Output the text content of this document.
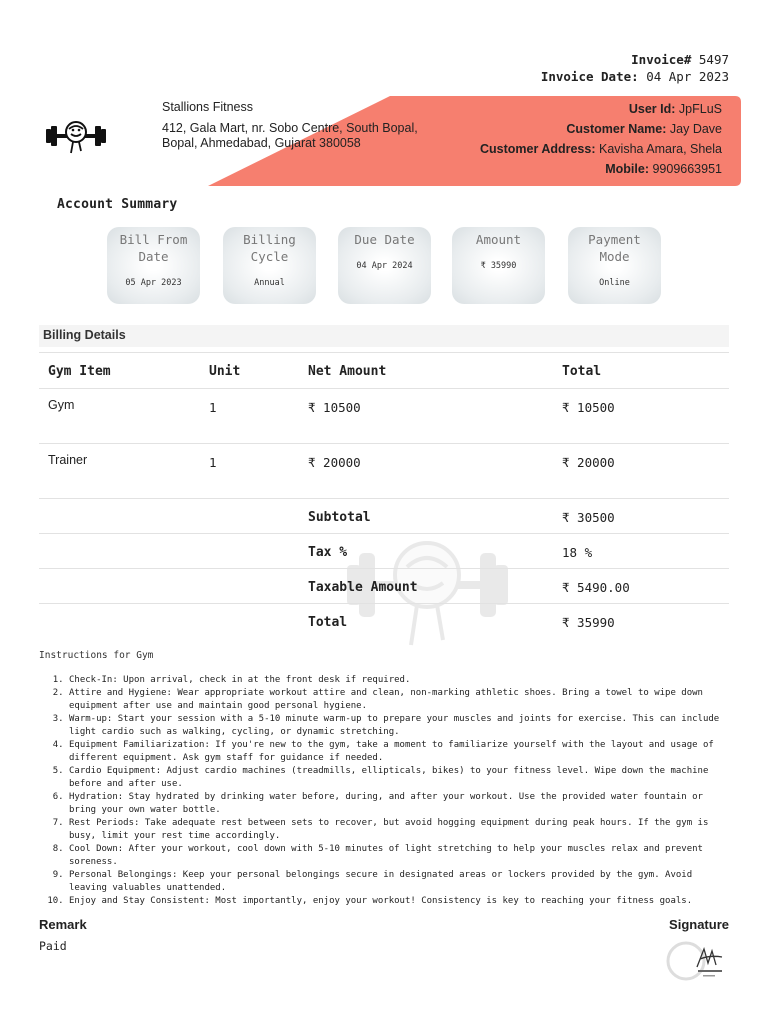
Invoice# 5497
Invoice Date: 04 Apr 2023
Stallions Fitness
412, Gala Mart, nr. Sobo Centre, South Bopal,
Bopal, Ahmedabad, Gujarat 380058
User Id: JpFLuS
Customer Name: Jay Dave
Customer Address: Kavisha Amara, Shela
Mobile: 9909663951
Account Summary
Bill From
Date
05 Apr 2023
Billing
Cycle
Annual
Due Date
04 Apr 2024
Amount
₹ 35990
Payment
Mode
Online
Billing Details
Gym Item	Unit	Net Amount	Total
Gym	1	₹ 10500	₹ 10500
Trainer	1	₹ 20000	₹ 20000
Subtotal	₹ 30500
Tax %	18 %
Taxable Amount	₹ 5490.00
Total	₹ 35990
Instructions for Gym
1. Check-In: Upon arrival, check in at the front desk if required.
2. Attire and Hygiene: Wear appropriate workout attire and clean, non-marking athletic shoes. Bring a towel to wipe down equipment after use and maintain good personal hygiene.
3. Warm-up: Start your session with a 5-10 minute warm-up to prepare your muscles and joints for exercise. This can include light cardio such as walking, cycling, or dynamic stretching.
4. Equipment Familiarization: If you're new to the gym, take a moment to familiarize yourself with the layout and usage of different equipment. Ask gym staff for guidance if needed.
5. Cardio Equipment: Adjust cardio machines (treadmills, ellipticals, bikes) to your fitness level. Wipe down the machine before and after use.
6. Hydration: Stay hydrated by drinking water before, during, and after your workout. Use the provided water fountain or bring your own water bottle.
7. Rest Periods: Take adequate rest between sets to recover, but avoid hogging equipment during peak hours. If the gym is busy, limit your rest time accordingly.
8. Cool Down: After your workout, cool down with 5-10 minutes of light stretching to help your muscles relax and prevent soreness.
9. Personal Belongings: Keep your personal belongings secure in designated areas or lockers provided by the gym. Avoid leaving valuables unattended.
10. Enjoy and Stay Consistent: Most importantly, enjoy your workout! Consistency is key to reaching your fitness goals.
Remark
Paid
Signature
